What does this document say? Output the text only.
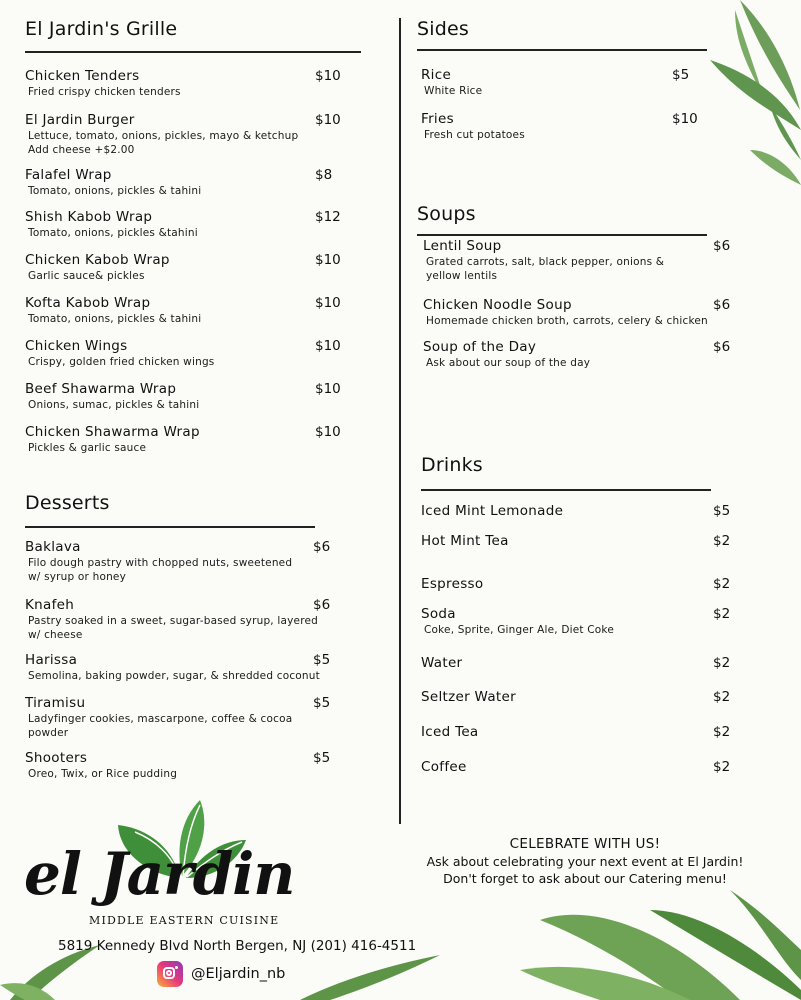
El Jardin's Grille
Chicken Tenders	$10
Fried crispy chicken tenders
El Jardin Burger	$10
Lettuce, tomato, onions, pickles, mayo & ketchup
Add cheese +$2.00
Falafel Wrap	$8
Tomato, onions, pickles & tahini
Shish Kabob Wrap	$12
Tomato, onions, pickles &tahini
Chicken Kabob Wrap	$10
Garlic sauce& pickles
Kofta Kabob Wrap	$10
Tomato, onions, pickles & tahini
Chicken Wings	$10
Crispy, golden fried chicken wings
Beef Shawarma Wrap	$10
Onions, sumac, pickles & tahini
Chicken Shawarma Wrap	$10
Pickles & garlic sauce
Desserts
Baklava	$6
Filo dough pastry with chopped nuts, sweetened
w/ syrup or honey
Knafeh	$6
Pastry soaked in a sweet, sugar-based syrup, layered
w/ cheese
Harissa	$5
Semolina, baking powder, sugar, & shredded coconut
Tiramisu	$5
Ladyfinger cookies, mascarpone, coffee & cocoa
powder
Shooters	$5
Oreo, Twix, or Rice pudding
Sides
Rice	$5
White Rice
Fries	$10
Fresh cut potatoes
Soups
Lentil Soup	$6
Grated carrots, salt, black pepper, onions &
yellow lentils
Chicken Noodle Soup	$6
Homemade chicken broth, carrots, celery & chicken
Soup of the Day	$6
Ask about our soup of the day
Drinks
Iced Mint Lemonade	$5
Hot Mint Tea	$2
Espresso	$2
Soda	$2
Coke, Sprite, Ginger Ale, Diet Coke
Water	$2
Seltzer Water	$2
Iced Tea	$2
Coffee	$2
CELEBRATE WITH US!
Ask about celebrating your next event at El Jardin!
Don't forget to ask about our Catering menu!
el Jardin
MIDDLE EASTERN CUISINE
5819 Kennedy Blvd North Bergen, NJ (201) 416-4511
@Eljardin_nb
